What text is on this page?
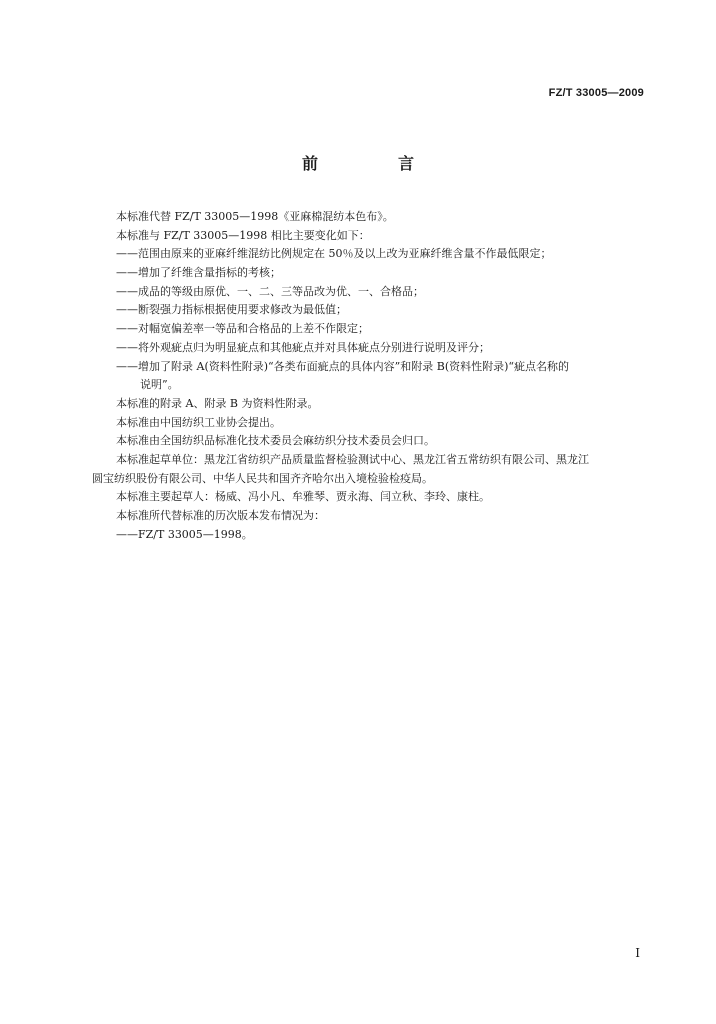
FZ/T 33005—2009
前　言
本标准代替 FZ/T 33005—1998《亚麻棉混纺本色布》。
本标准与 FZ/T 33005—1998 相比主要变化如下：
——范围由原来的亚麻纤维混纺比例规定在 50％及以上改为亚麻纤维含量不作最低限定；
——增加了纤维含量指标的考核；
——成品的等级由原优、一、二、三等品改为优、一、合格品；
——断裂强力指标根据使用要求修改为最低值；
——对幅宽偏差率一等品和合格品的上差不作限定；
——将外观疵点归为明显疵点和其他疵点并对具体疵点分别进行说明及评分；
——增加了附录 A(资料性附录)“各类布面疵点的具体内容”和附录 B(资料性附录)“疵点名称的
说明”。
本标准的附录 A、附录 B 为资料性附录。
本标准由中国纺织工业协会提出。
本标准由全国纺织品标准化技术委员会麻纺织分技术委员会归口。
本标准起草单位：黑龙江省纺织产品质量监督检验测试中心、黑龙江省五常纺织有限公司、黑龙江
圆宝纺织股份有限公司、中华人民共和国齐齐哈尔出入境检验检疫局。
本标准主要起草人：杨威、冯小凡、牟雅琴、贾永海、闫立秋、李玲、康柱。
本标准所代替标准的历次版本发布情况为：
——FZ/T 33005—1998。
I
